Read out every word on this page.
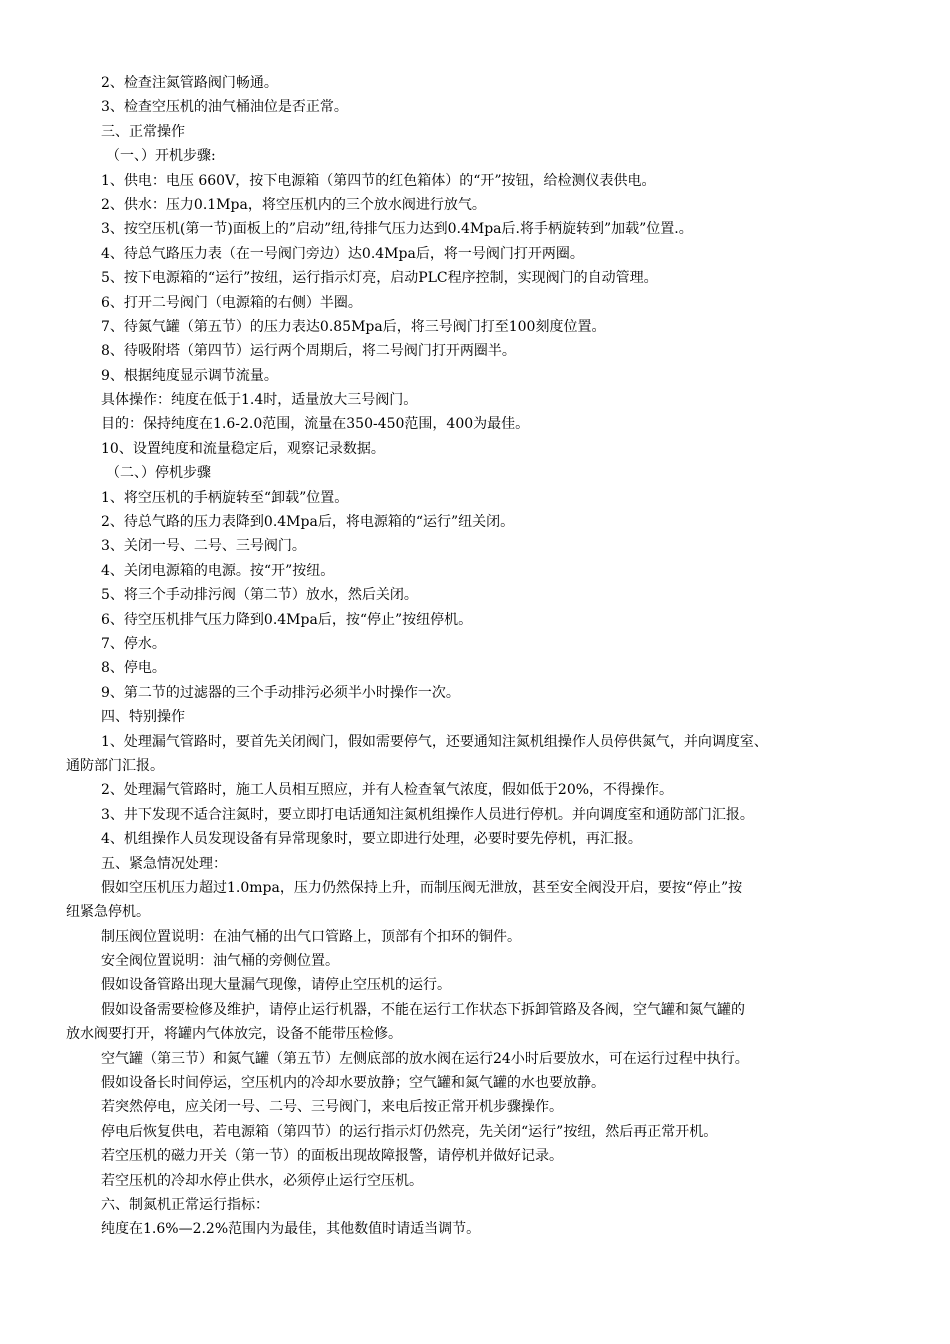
2、检查注氮管路阀门畅通。
3、检查空压机的油气桶油位是否正常。
三、正常操作
（一、）开机步骤:
1、供电：电压 660V，按下电源箱（第四节的红色箱体）的“开”按钮，给检测仪表供电。
2、供水：压力0.1Mpa，将空压机内的三个放水阀进行放气。
3、按空压机(第一节)面板上的”启动”纽,待排气压力达到0.4Mpa后.将手柄旋转到”加载”位置.。
4、待总气路压力表（在一号阀门旁边）达0.4Mpa后，将一号阀门打开两圈。
5、按下电源箱的“运行”按纽，运行指示灯亮，启动PLC程序控制，实现阀门的自动管理。
6、打开二号阀门（电源箱的右侧）半圈。
7、待氮气罐（第五节）的压力表达0.85Mpa后，将三号阀门打至100刻度位置。
8、待吸附塔（第四节）运行两个周期后，将二号阀门打开两圈半。
9、根据纯度显示调节流量。
具体操作：纯度在低于1.4时，适量放大三号阀门。
目的：保持纯度在1.6-2.0范围，流量在350-450范围，400为最佳。
10、设置纯度和流量稳定后，观察记录数据。
（二、）停机步骤
1、将空压机的手柄旋转至“卸载”位置。
2、待总气路的压力表降到0.4Mpa后，将电源箱的“运行”纽关闭。
3、关闭一号、二号、三号阀门。
4、关闭电源箱的电源。按“开”按纽。
5、将三个手动排污阀（第二节）放水，然后关闭。
6、待空压机排气压力降到0.4Mpa后，按“停止”按纽停机。
7、停水。
8、停电。
9、第二节的过滤器的三个手动排污必须半小时操作一次。
四、特别操作
1、处理漏气管路时，要首先关闭阀门，假如需要停气，还要通知注氮机组操作人员停供氮气，并向调度室、
通防部门汇报。
2、处理漏气管路时，施工人员相互照应，并有人检查氧气浓度，假如低于20%，不得操作。
3、井下发现不适合注氮时，要立即打电话通知注氮机组操作人员进行停机。并向调度室和通防部门汇报。
4、机组操作人员发现设备有异常现象时，要立即进行处理，必要时要先停机，再汇报。
五、紧急情况处理：
假如空压机压力超过1.0mpa，压力仍然保持上升，而制压阀无泄放，甚至安全阀没开启，要按“停止”按
纽紧急停机。
制压阀位置说明：在油气桶的出气口管路上，顶部有个扣环的铜件。
安全阀位置说明：油气桶的旁侧位置。
假如设备管路出现大量漏气现像，请停止空压机的运行。
假如设备需要检修及维护，请停止运行机器，不能在运行工作状态下拆卸管路及各阀，空气罐和氮气罐的
放水阀要打开，将罐内气体放完，设备不能带压检修。
空气罐（第三节）和氮气罐（第五节）左侧底部的放水阀在运行24小时后要放水，可在运行过程中执行。
假如设备长时间停运，空压机内的冷却水要放静；空气罐和氮气罐的水也要放静。
若突然停电，应关闭一号、二号、三号阀门，来电后按正常开机步骤操作。
停电后恢复供电，若电源箱（第四节）的运行指示灯仍然亮，先关闭“运行”按纽，然后再正常开机。
若空压机的磁力开关（第一节）的面板出现故障报警，请停机并做好记录。
若空压机的冷却水停止供水，必须停止运行空压机。
六、制氮机正常运行指标：
纯度在1.6%—2.2%范围内为最佳，其他数值时请适当调节。
